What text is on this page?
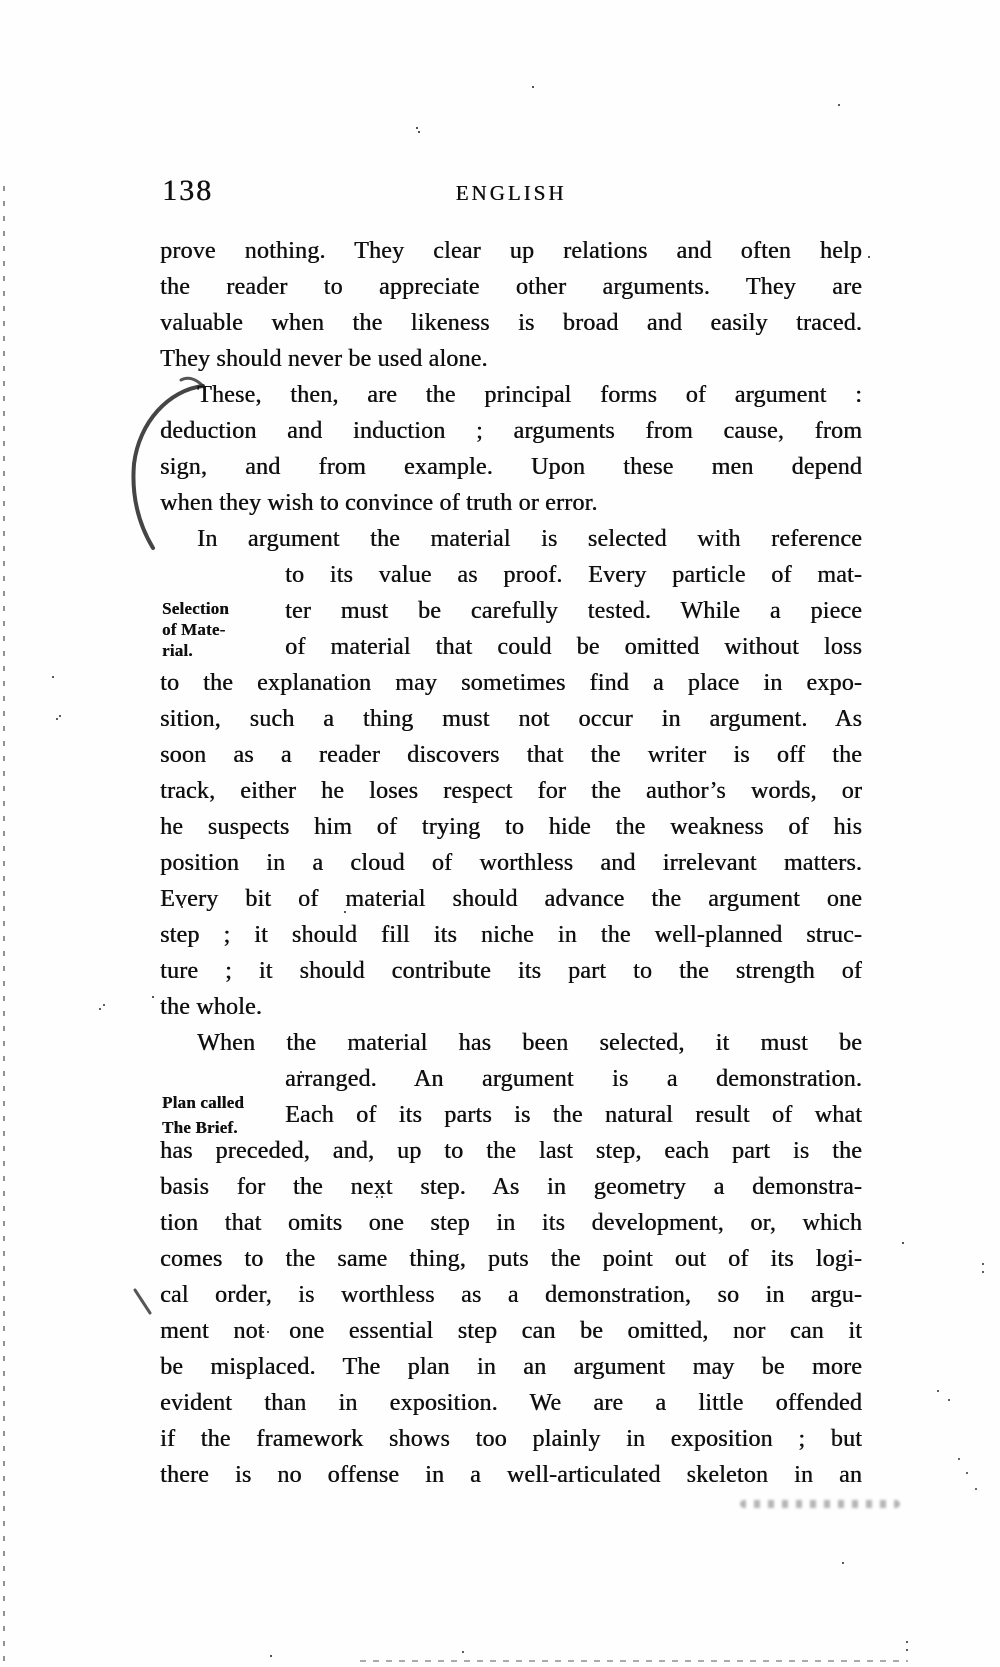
138	ENGLISH
prove nothing. They clear up relations and often help
the reader to appreciate other arguments. They are
valuable when the likeness is broad and easily traced.
They should never be used alone.
These, then, are the principal forms of argument :
deduction and induction ; arguments from cause, from
sign, and from example. Upon these men depend
when they wish to convince of truth or error.
In argument the material is selected with reference
to its value as proof. Every particle of mat-
ter must be carefully tested. While a piece
of material that could be omitted without loss
to the explanation may sometimes find a place in expo-
sition, such a thing must not occur in argument. As
soon as a reader discovers that the writer is off the
track, either he loses respect for the author’s words, or
he suspects him of trying to hide the weakness of his
position in a cloud of worthless and irrelevant matters.
Every bit of material should advance the argument one
step ; it should fill its niche in the well-planned struc-
ture ; it should contribute its part to the strength of
the whole.
When the material has been selected, it must be
arranged. An argument is a demonstration.
Each of its parts is the natural result of what
has preceded, and, up to the last step, each part is the
basis for the next step. As in geometry a demonstra-
tion that omits one step in its development, or, which
comes to the same thing, puts the point out of its logi-
cal order, is worthless as a demonstration, so in argu-
ment not one essential step can be omitted, nor can it
be misplaced. The plan in an argument may be more
evident than in exposition. We are a little offended
if the framework shows too plainly in exposition ; but
there is no offense in a well-articulated skeleton in an
Selection
of Mate-
rial.
Plan called
The Brief.
